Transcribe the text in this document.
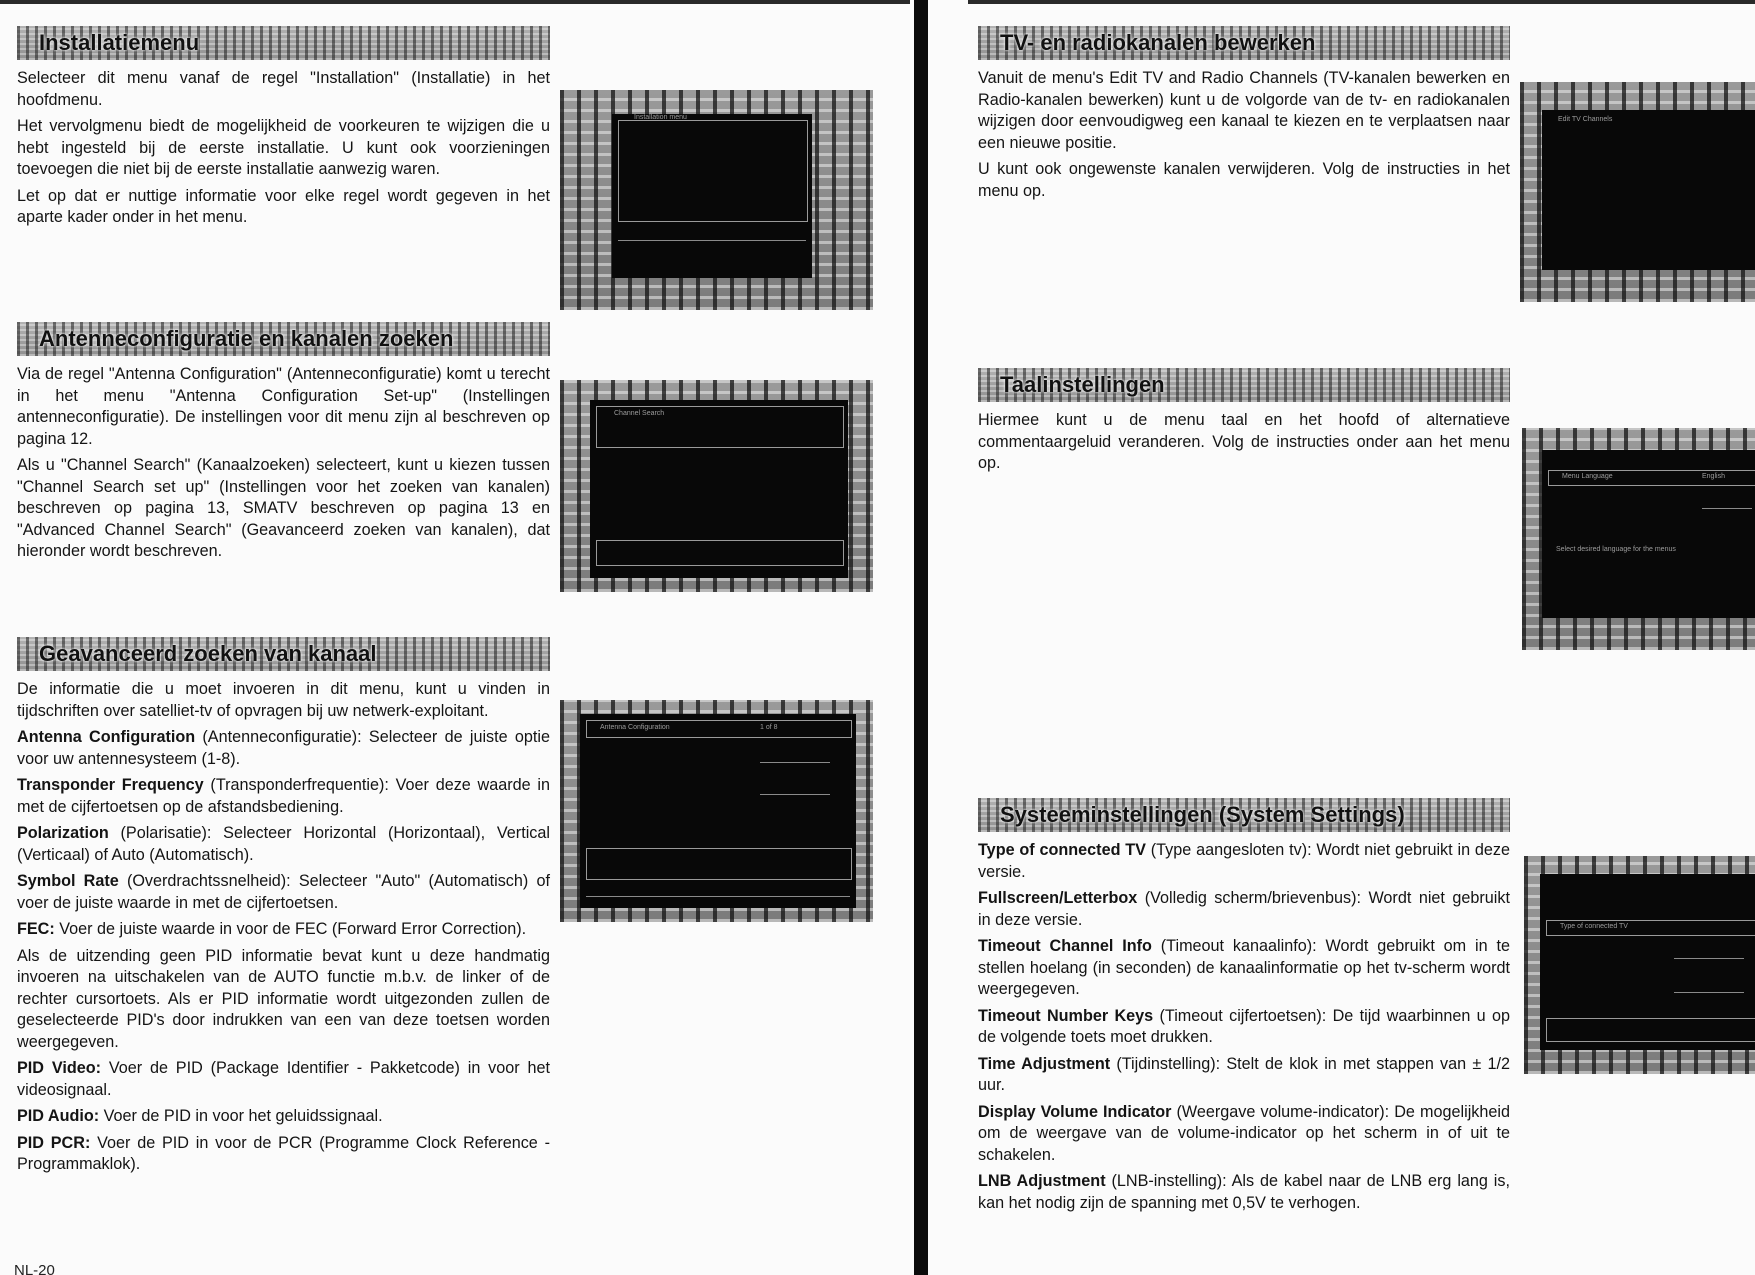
Installatiemenu

Selecteer dit menu vanaf de regel "Installation" (Installatie) in het hoofdmenu.

Het vervolgmenu biedt de mogelijkheid de voorkeuren te wijzigen die u hebt ingesteld bij de eerste installatie. U kunt ook voorzieningen toevoegen die niet bij de eerste installatie aanwezig waren.

Let op dat er nuttige informatie voor elke regel wordt gegeven in het aparte kader onder in het menu.

Installation menu
Antenneconfiguratie en kanalen zoeken

Via de regel "Antenna Configuration" (Antenneconfiguratie) komt u terecht in het menu "Antenna Configuration Set-up" (Instellingen antenneconfiguratie). De instellingen voor dit menu zijn al beschreven op pagina 12.

Als u "Channel Search" (Kanaalzoeken) selecteert, kunt u kiezen tussen "Channel Search set up" (Instellingen voor het zoeken van kanalen) beschreven op pagina 13, SMATV beschreven op pagina 13 en "Advanced Channel Search" (Geavanceerd zoeken van kanalen), dat hieronder wordt beschreven.

Channel Search
Geavanceerd zoeken van kanaal

De informatie die u moet invoeren in dit menu, kunt u vinden in tijdschriften over satelliet-tv of opvragen bij uw netwerk-exploitant.

Antenna Configuration (Antenneconfiguratie): Selecteer de juiste optie voor uw antennesysteem (1-8).

Transponder Frequency (Transponderfrequentie): Voer deze waarde in met de cijfertoetsen op de afstandsbediening.

Polarization (Polarisatie): Selecteer Horizontal (Horizontaal), Vertical (Verticaal) of Auto (Automatisch).

Symbol Rate (Overdrachtssnelheid): Selecteer "Auto" (Automatisch) of voer de juiste waarde in met de cijfertoetsen.

FEC: Voer de juiste waarde in voor de FEC (Forward Error Correction).

Als de uitzending geen PID informatie bevat kunt u deze handmatig invoeren na uitschakelen van de AUTO functie m.b.v. de linker of de rechter cursortoets. Als er PID informatie wordt uitgezonden zullen de geselecteerde PID's door indrukken van een van deze toetsen worden weergegeven.

PID Video: Voer de PID (Package Identifier - Pakketcode) in voor het videosignaal.

PID Audio: Voer de PID in voor het geluidssignaal.

PID PCR: Voer de PID in voor de PCR (Programme Clock Reference - Programmaklok).

Antenna Configuration	1 of 8
NL-20
TV- en radiokanalen bewerken

Vanuit de menu's Edit TV and Radio Channels (TV-kanalen bewerken en Radio-kanalen bewerken) kunt u de volgorde van de tv- en radiokanalen wijzigen door eenvoudigweg een kanaal te kiezen en te verplaatsen naar een nieuwe positie.

U kunt ook ongewenste kanalen verwijderen. Volg de instructies in het menu op.

Edit TV Channels
Taalinstellingen

Hiermee kunt u de menu taal en het hoofd of alternatieve commentaargeluid veranderen. Volg de instructies onder aan het menu op.

Menu Language	English
Select desired language for the menus
Systeeminstellingen (System Settings)

Type of connected TV (Type aangesloten tv): Wordt niet gebruikt in deze versie.

Fullscreen/Letterbox (Volledig scherm/brievenbus): Wordt niet gebruikt in deze versie.

Timeout Channel Info (Timeout kanaalinfo): Wordt gebruikt om in te stellen hoelang (in seconden) de kanaalinformatie op het tv-scherm wordt weergegeven.

Timeout Number Keys (Timeout cijfertoetsen): De tijd waarbinnen u op de volgende toets moet drukken.

Time Adjustment (Tijdinstelling): Stelt de klok in met stappen van ± 1/2 uur.

Display Volume Indicator (Weergave volume-indicator): De mogelijkheid om de weergave van de volume-indicator op het scherm in of uit te schakelen.

LNB Adjustment (LNB-instelling): Als de kabel naar de LNB erg lang is, kan het nodig zijn de spanning met 0,5V te verhogen.

Type of connected TV
